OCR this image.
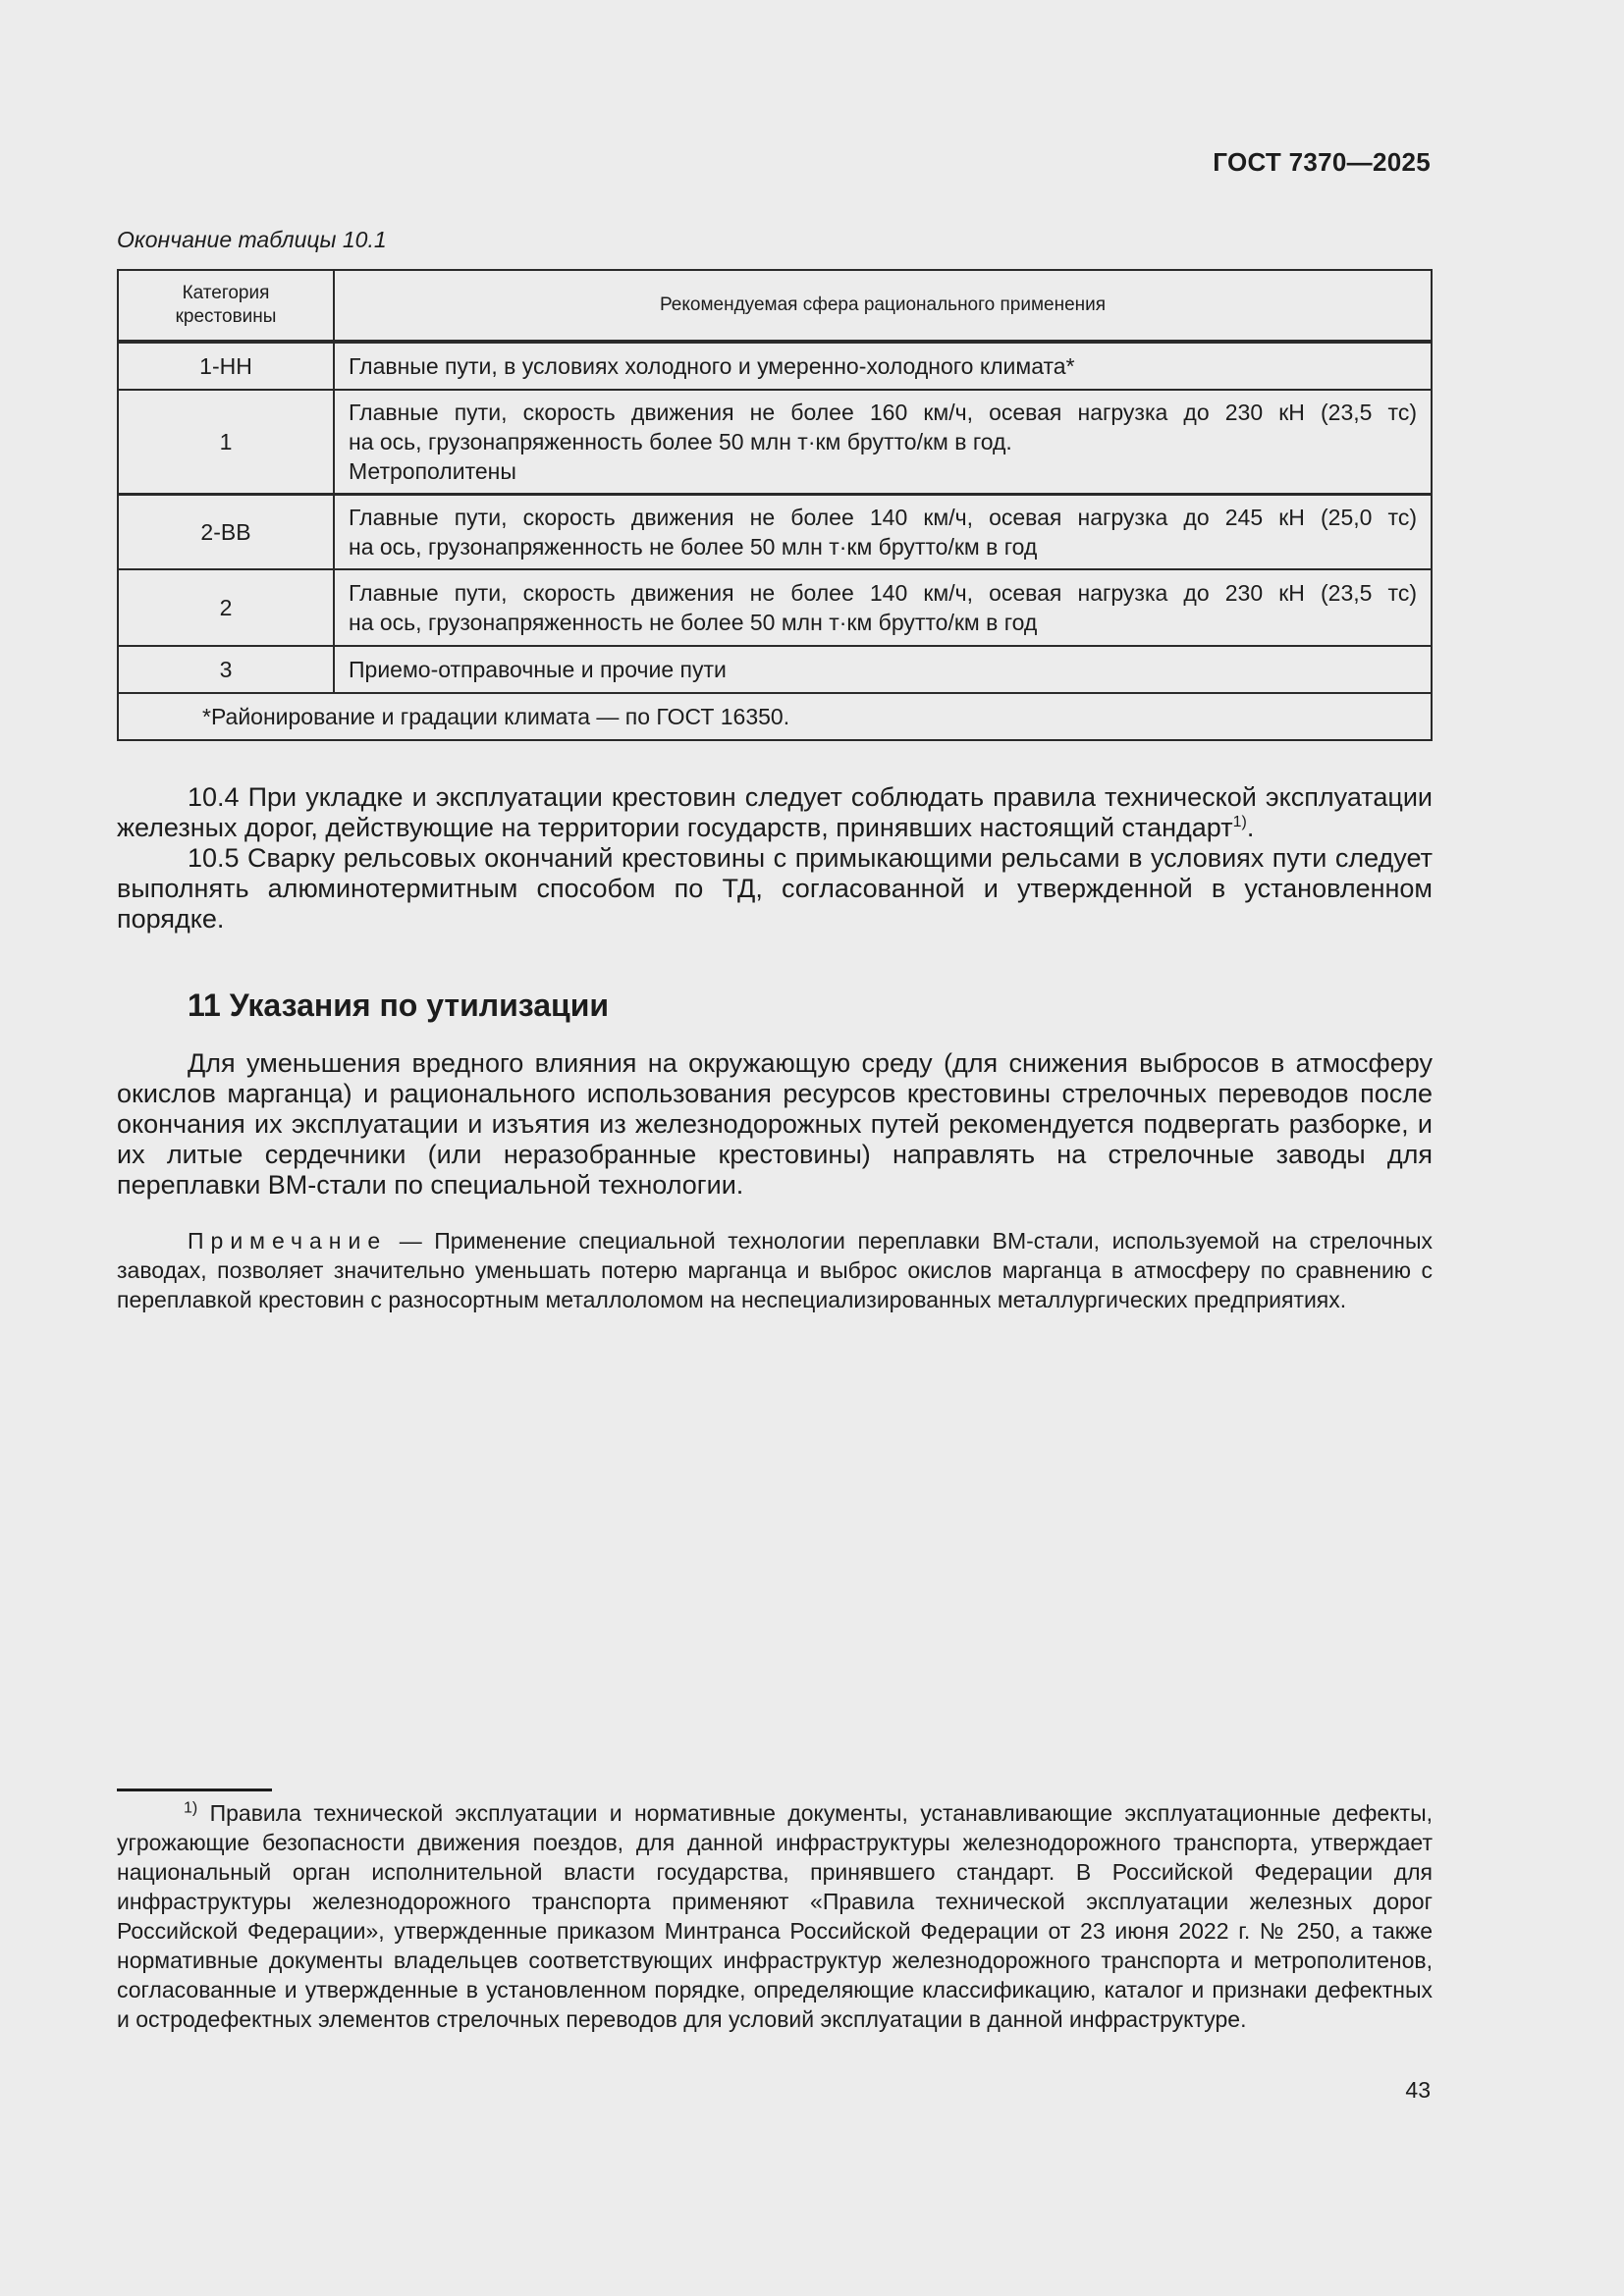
ГОСТ 7370—2025
Окончание таблицы 10.1
Категория крестовины	Рекомендуемая сфера рационального применения
1-НН	Главные пути, в условиях холодного и умеренно-холодного климата*
1	Главные пути, скорость движения не более 160 км/ч, осевая нагрузка до 230 кН (23,5 тс)
на ось, грузонапряженность более 50 млн т·км брутто/км в год.
Метрополитены

2-ВВ	Главные пути, скорость движения не более 140 км/ч, осевая нагрузка до 245 кН (25,0 тс)
на ось, грузонапряженность не более 50 млн т·км брутто/км в год

2	Главные пути, скорость движения не более 140 км/ч, осевая нагрузка до 230 кН (23,5 тс)
на ось, грузонапряженность не более 50 млн т·км брутто/км в год

3	Приемо-отправочные и прочие пути
*Районирование и градации климата — по ГОСТ 16350.	

10.4 При укладке и эксплуатации крестовин следует соблюдать правила технической эксплуатации железных дорог, действующие на территории государств, принявших настоящий стандарт$^{1)}$.

10.5 Сварку рельсовых окончаний крестовины с примыкающими рельсами в условиях пути следует выполнять алюминотермитным способом по ТД, согласованной и утвержденной в установленном порядке.

11 Указания по утилизации

Для уменьшения вредного влияния на окружающую среду (для снижения выбросов в атмосферу окислов марганца) и рационального использования ресурсов крестовины стрелочных переводов после окончания их эксплуатации и изъятия из железнодорожных путей рекомендуется подвергать разборке, и их литые сердечники (или неразобранные крестовины) направлять на стрелочные заводы для переплавки ВМ-стали по специальной технологии.

Примечание — Применение специальной технологии переплавки ВМ-стали, используемой на стрелочных заводах, позволяет значительно уменьшать потерю марганца и выброс окислов марганца в атмосферу по сравнению с переплавкой крестовин с разносортным металлоломом на неспециализированных металлургических предприятиях.

$^{1)}$ Правила технической эксплуатации и нормативные документы, устанавливающие эксплуатационные дефекты, угрожающие безопасности движения поездов, для данной инфраструктуры железнодорожного транспорта, утверждает национальный орган исполнительной власти государства, принявшего стандарт. В Российской Федерации для инфраструктуры железнодорожного транспорта применяют «Правила технической эксплуатации железных дорог Российской Федерации», утвержденные приказом Минтранса Российской Федерации от 23 июня 2022 г. № 250, а также нормативные документы владельцев соответствующих инфраструктур железнодорожного транспорта и метрополитенов, согласованные и утвержденные в установленном порядке, определяющие классификацию, каталог и признаки дефектных и остродефектных элементов стрелочных переводов для условий эксплуатации в данной инфраструктуре.

43
